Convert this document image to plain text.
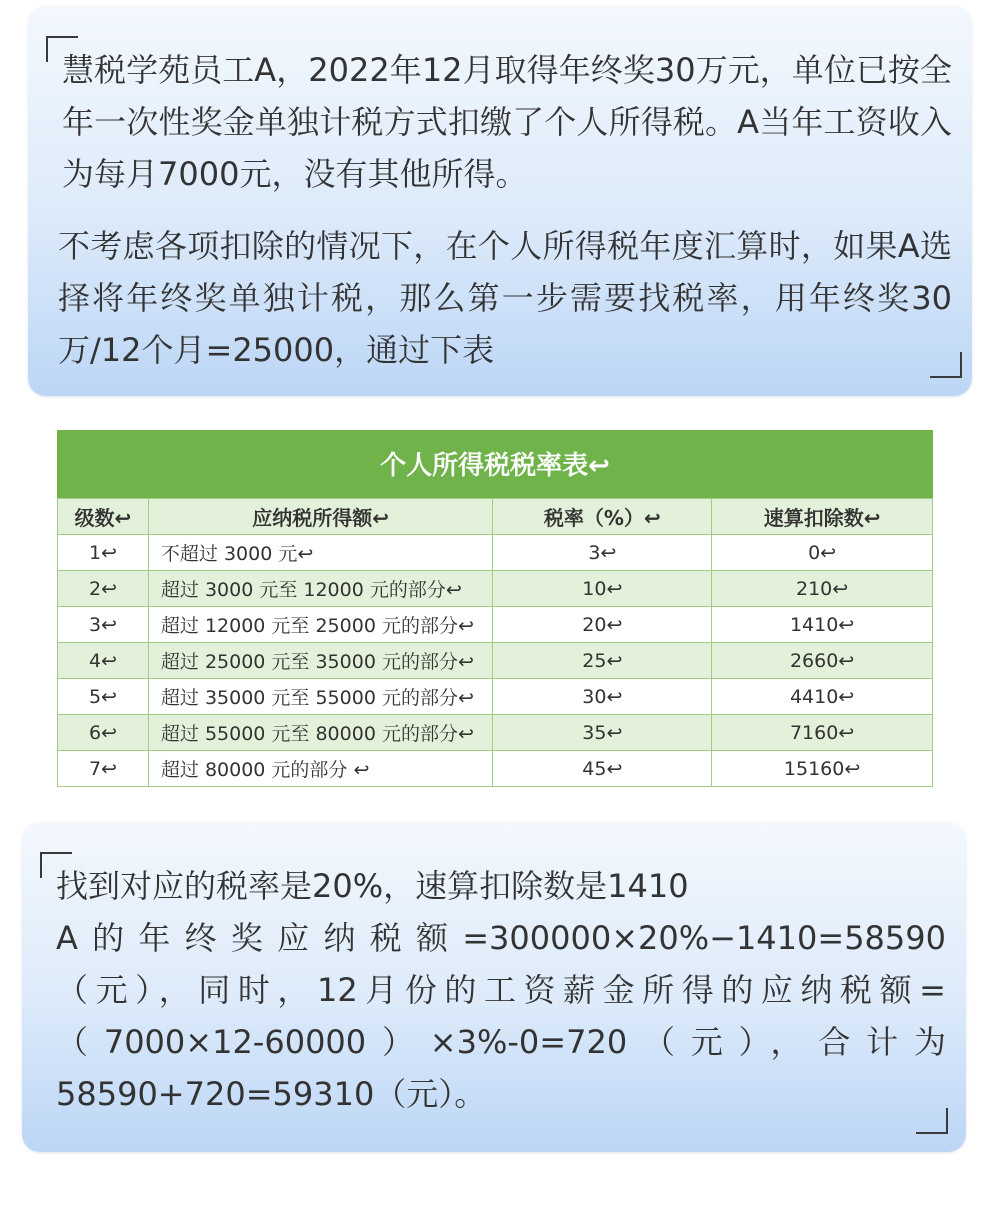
慧税学苑员工A，2022年12月取得年终奖30万元，单位已按全年一次性奖金单独计税方式扣缴了个人所得税。A当年工资收入为每月7000元，没有其他所得。

不考虑各项扣除的情况下，在个人所得税年度汇算时，如果A选择将年终奖单独计税，那么第一步需要找税率，用年终奖30万/12个月=25000，通过下表

个人所得税税率表↩
级数↩	应纳税所得额↩	税率（%）↩	速算扣除数↩
1↩	不超过 3000 元↩	3↩	0↩
2↩	超过 3000 元至 12000 元的部分↩	10↩	210↩
3↩	超过 12000 元至 25000 元的部分↩	20↩	1410↩
4↩	超过 25000 元至 35000 元的部分↩	25↩	2660↩
5↩	超过 35000 元至 55000 元的部分↩	30↩	4410↩
6↩	超过 55000 元至 80000 元的部分↩	35↩	7160↩
7↩	超过 80000 元的部分 ↩	45↩	15160↩

找到对应的税率是20%，速算扣除数是1410
A的年终奖应纳税额=300000×20%−1410=58590
（元），同时，12月份的工资薪金所得的应纳税额=
（7000×12-60000）×3%-0=720（元），合计为
58590+720=59310（元）。
